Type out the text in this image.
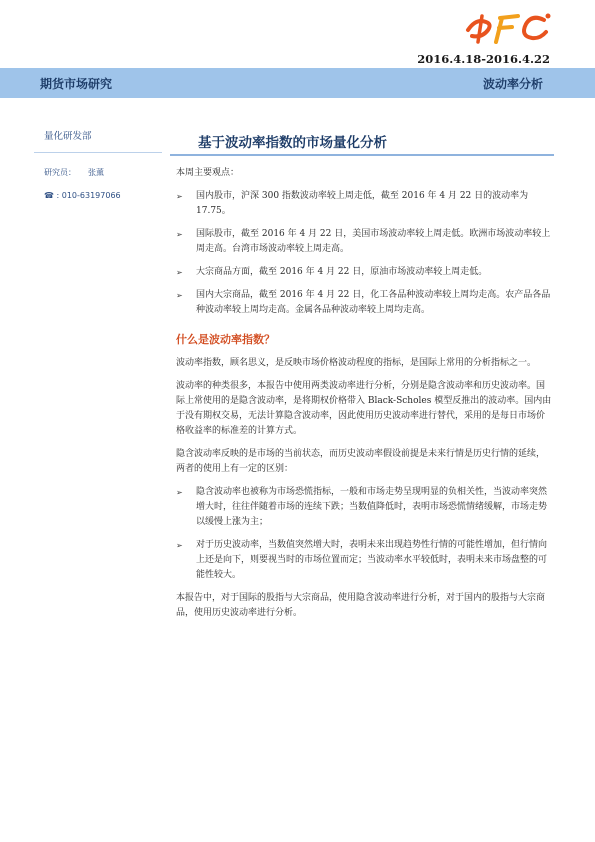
2016.4.18-2016.4.22
期货市场研究	波动率分析
量化研发部
研究员： 张薰
☎ : 010-63197066
基于波动率指数的市场量化分析

本周主要观点：

➢ 国内股市，沪深 300 指数波动率较上周走低，截至 2016 年 4 月 22 日的波动率为 17.75。
➢ 国际股市，截至 2016 年 4 月 22 日，美国市场波动率较上周走低。欧洲市场波动率较上周走高。台湾市场波动率较上周走高。
➢ 大宗商品方面，截至 2016 年 4 月 22 日，原油市场波动率较上周走低。
➢ 国内大宗商品，截至 2016 年 4 月 22 日，化工各品种波动率较上周均走高。农产品各品种波动率较上周均走高。金属各品种波动率较上周均走高。
什么是波动率指数？

波动率指数，顾名思义，是反映市场价格波动程度的指标，是国际上常用的分析指标之一。

波动率的种类很多，本报告中使用两类波动率进行分析，分别是隐含波动率和历史波动率。国际上常使用的是隐含波动率，是将期权价格带入 Black-Scholes 模型反推出的波动率。国内由于没有期权交易，无法计算隐含波动率，因此使用历史波动率进行替代，采用的是每日市场价格收益率的标准差的计算方式。

隐含波动率反映的是市场的当前状态，而历史波动率假设前提是未来行情是历史行情的延续，两者的使用上有一定的区别：

➢ 隐含波动率也被称为市场恐慌指标，一般和市场走势呈现明显的负相关性，当波动率突然增大时，往往伴随着市场的连续下跌；当数值降低时，表明市场恐慌情绪缓解，市场走势以缓慢上涨为主；
➢ 对于历史波动率，当数值突然增大时，表明未来出现趋势性行情的可能性增加，但行情向上还是向下，则要视当时的市场位置而定；当波动率水平较低时，表明未来市场盘整的可能性较大。

本报告中，对于国际的股指与大宗商品，使用隐含波动率进行分析，对于国内的股指与大宗商品，使用历史波动率进行分析。
